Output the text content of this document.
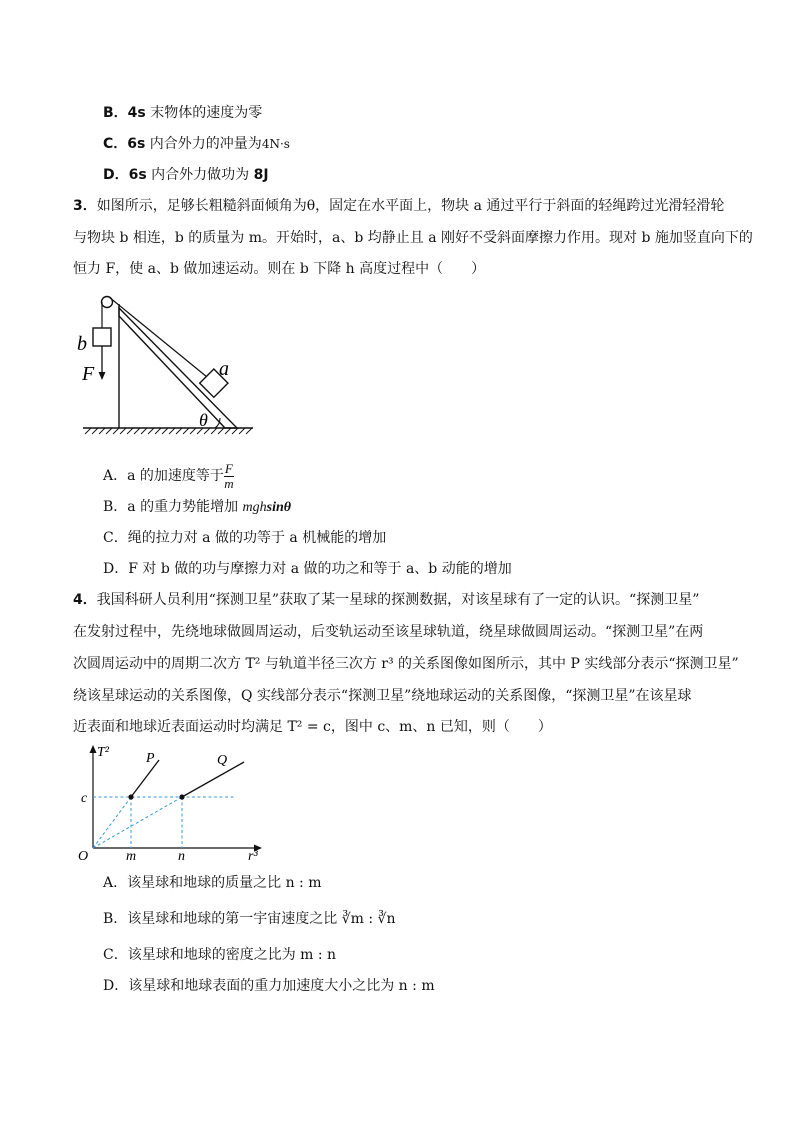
B．4s 末物体的速度为零
C．6s 内合外力的冲量为4N·s
D．6s 内合外力做功为 8J
3．如图所示，足够长粗糙斜面倾角为θ，固定在水平面上，物块 a 通过平行于斜面的轻绳跨过光滑轻滑轮
与物块 b 相连，b 的质量为 m。开始时，a、b 均静止且 a 刚好不受斜面摩擦力作用。现对 b 施加竖直向下的
恒力 F，使 a、b 做加速运动。则在 b 下降 h 高度过程中（　　）
b
F	a
θ
A．a 的加速度等于 $\frac{F}{m}$
B．a 的重力势能增加 mghsinθ
C．绳的拉力对 a 做的功等于 a 机械能的增加
D．F 对 b 做的功与摩擦力对 a 做的功之和等于 a、b 动能的增加
4．我国科研人员利用“探测卫星”获取了某一星球的探测数据，对该星球有了一定的认识。“探测卫星”
在发射过程中，先绕地球做圆周运动，后变轨运动至该星球轨道，绕星球做圆周运动。“探测卫星”在两
次圆周运动中的周期二次方 T² 与轨道半径三次方 r³ 的关系图像如图所示，其中 P 实线部分表示“探测卫星”
绕该星球运动的关系图像，Q 实线部分表示“探测卫星”绕地球运动的关系图像，“探测卫星”在该星球
近表面和地球近表面运动时均满足 T² = c，图中 c、m、n 已知，则（　　）
T²
r³
O
c
m	n
P	Q
A．该星球和地球的质量之比 n : m
B．该星球和地球的第一宇宙速度之比 ∛m : ∛n
C．该星球和地球的密度之比为 m : n
D．该星球和地球表面的重力加速度大小之比为 n : m
